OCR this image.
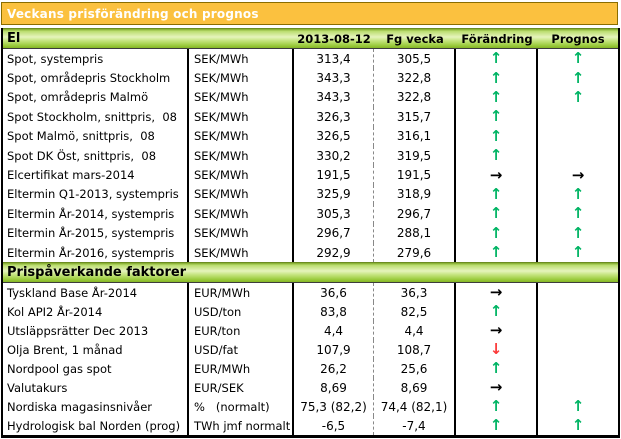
Veckans prisförändring och prognos
El	2013-08-12	Fg vecka	Förändring	Prognos
Spot, systempris	SEK/MWh	313,4	305,5	↑	↑
Spot, områdepris Stockholm	SEK/MWh	343,3	322,8	↑	↑
Spot, områdepris Malmö	SEK/MWh	343,3	322,8	↑	↑
Spot Stockholm, snittpris,  08	SEK/MWh	326,3	315,7	↑
Spot Malmö, snittpris,  08	SEK/MWh	326,5	316,1	↑
Spot DK Öst, snittpris,  08	SEK/MWh	330,2	319,5	↑
Elcertifikat mars-2014	SEK/MWh	191,5	191,5	→	→
Eltermin Q1-2013, systempris	SEK/MWh	325,9	318,9	↑	↑
Eltermin År-2014, systempris	SEK/MWh	305,3	296,7	↑	↑
Eltermin År-2015, systempris	SEK/MWh	296,7	288,1	↑	↑
Eltermin År-2016, systempris	SEK/MWh	292,9	279,6	↑	↑
Prispåverkande faktorer
Tyskland Base År-2014	EUR/MWh	36,6	36,3	→
Kol API2 År-2014	USD/ton	83,8	82,5	↑
Utsläppsrätter Dec 2013	EUR/ton	4,4	4,4	→
Olja Brent, 1 månad	USD/fat	107,9	108,7	↓
Nordpool gas spot	EUR/MWh	26,2	25,6	↑
Valutakurs	EUR/SEK	8,69	8,69	→
Nordiska magasinsnivåer	%   (normalt)	75,3 (82,2)	74,4 (82,1)	↑	↑
Hydrologisk bal Norden (prog)	TWh jmf normalt	-6,5	-7,4	↑	↑
